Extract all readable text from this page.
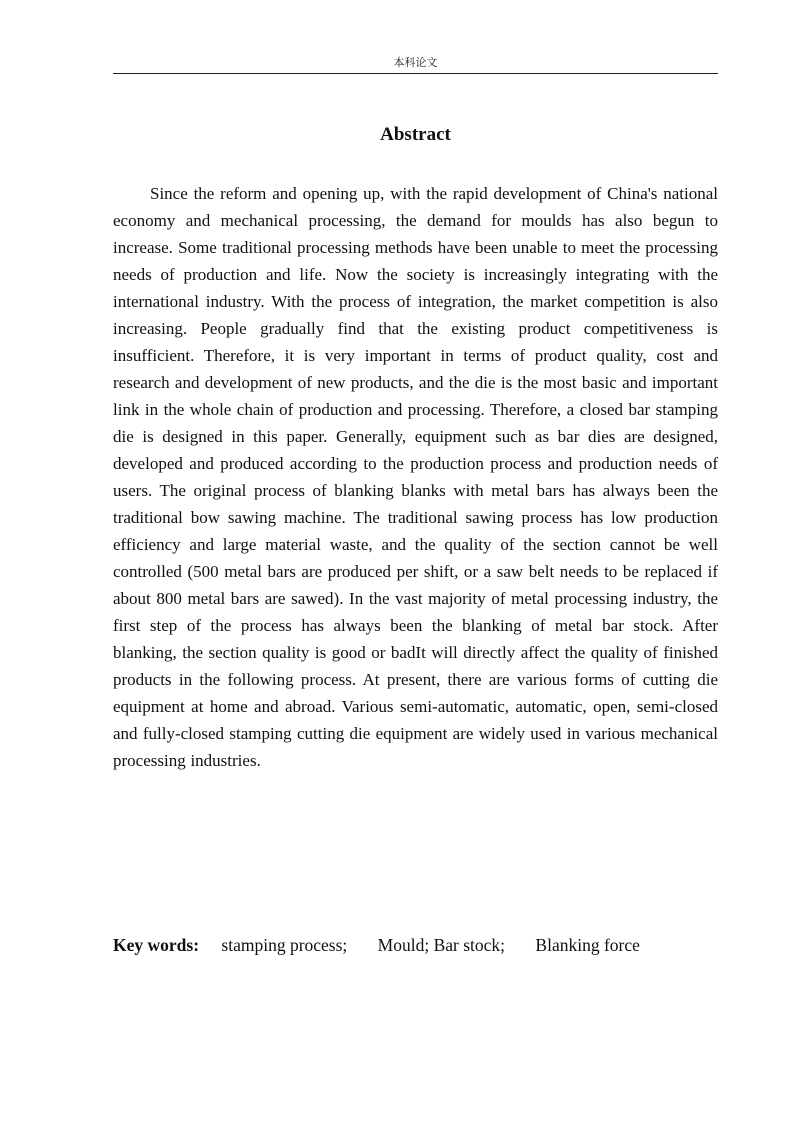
本科论文
Abstract

Since the reform and opening up, with the rapid development of China's national economy and mechanical processing, the demand for moulds has also begun to increase. Some traditional processing methods have been unable to meet the processing needs of production and life. Now the society is increasingly integrating with the international industry. With the process of integration, the market competition is also increasing. People gradually find that the existing product competitiveness is insufficient. Therefore, it is very important in terms of product quality, cost and research and development of new products, and the die is the most basic and important link in the whole chain of production and processing. Therefore, a closed bar stamping die is designed in this paper. Generally, equipment such as bar dies are designed, developed and produced according to the production process and production needs of users. The original process of blanking blanks with metal bars has always been the traditional bow sawing machine. The traditional sawing process has low production efficiency and large material waste, and the quality of the section cannot be well controlled (500 metal bars are produced per shift, or a saw belt needs to be replaced if about 800 metal bars are sawed). In the vast majority of metal processing industry, the first step of the process has always been the blanking of metal bar stock. After blanking, the section quality is good or badIt will directly affect the quality of finished products in the following process. At present, there are various forms of cutting die equipment at home and abroad. Various semi-automatic, automatic, open, semi-closed and fully-closed stamping cutting die equipment are widely used in various mechanical processing industries.

Key words: stamping process; Mould; Bar stock; Blanking force
